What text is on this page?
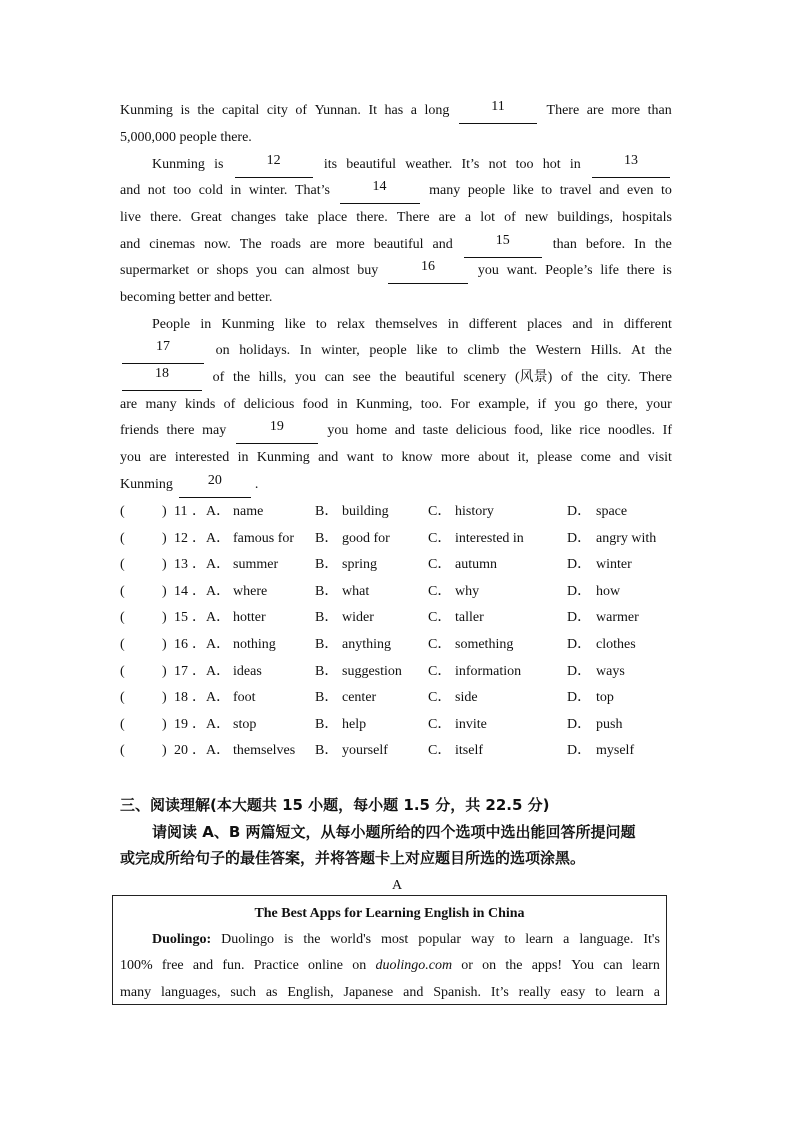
Kunming is the capital city of Yunnan. It has a long	11	There are more than
5,000,000 people there.
Kunming is	12	its beautiful weather. It’s not too hot in	13
and not too cold in winter. That’s	14	many people like to travel and even to
live there. Great changes take place there. There are a lot of new buildings, hospitals
and cinemas now. The roads are more beautiful and	15	than before. In the
supermarket or shops you can almost buy	16	you want. People’s life there is
becoming better and better.
People in Kunming like to relax themselves in different places and in different
17	on holidays. In winter, people like to climb the Western Hills. At the
18	of the hills, you can see the beautiful scenery (风景) of the city. There
are many kinds of delicious food in Kunming, too. For example, if you go there, your
friends there may	19	you home and taste delicious food, like rice noodles. If
you are interested in Kunming and want to know more about it, please come and visit
Kunming	20	.
(	) 11 ． A． name	B． building	C． history	D． space
(	) 12 ． A． famous for B． good for	C． interested in	D． angry with
(	) 13 ． A． summer	B． spring	C． autumn	D． winter
(	) 14 ． A． where	B． what	C． why	D． how
(	) 15 ． A． hotter	B． wider	C． taller	D． warmer
(	) 16 ． A． nothing	B． anything	C． something	D． clothes
(	) 17 ． A． ideas	B． suggestion C． information	D． ways
(	) 18 ． A． foot	B． center	C． side	D． top
(	) 19 ． A． stop	B． help	C． invite	D． push
(	) 20 ． A． themselves B． yourself	C． itself	D． myself
三、阅读理解(本大题共 15 小题，每小题 1.5 分，共 22.5 分)
请阅读 A、B 两篇短文，从每小题所给的四个选项中选出能回答所提问题
或完成所给句子的最佳答案，并将答题卡上对应题目所选的选项涂黑。
A
The Best Apps for Learning English in China
Duolingo: Duolingo is the world's most popular way to learn a language. It's
100% free and fun. Practice online on duolingo.com or on the apps! You can learn
many languages, such as English, Japanese and Spanish. It’s really easy to learn a
